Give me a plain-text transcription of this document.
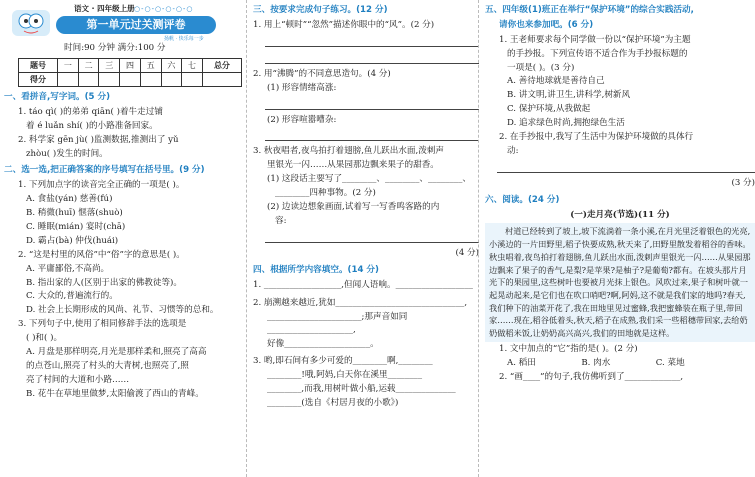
语文 · 四年级上册 ○-○-○-○-○-○
第一单元过关测评卷
扬帆 · 快乐每一步
时间:90 分钟 满分:100 分
题号	一	二	三	四	五	六	七	总分
得分								
一、看拼音,写字词。(5 分)
1. táo qì( )的弟弟 qiān( )着牛走过铺
着 é luǎn shí( )的小路准备回家。
2. 科学家 gēn jù( )监测数据,推测出了 yǔ
zhòu( )发生的时间。
二、选一选,把正确答案的序号填写在括号里。(9 分)
1. 下列加点字的读音完全正确的一项是( )。
A. 食盐(yán) 慈善(fú)
B. 稍微(huī) 惬落(shuò)
C. 睡眠(mián) 宴时(chā)
D. 霸占(bà) 仲伐(huái)
2. “这是村里的风俗”中“俗”字的意思是( )。
A. 平庸鄙俗,不高尚。
B. 指出家的人(区别于出家的佛教徒等)。
C. 大众的,普遍流行的。
D. 社会上长期形成的风尚、礼节、习惯等的总和。
3. 下列句子中,使用了相同修辞手法的选项是
( )和( )。
A. 月盘是那样明亮,月光是那样柔和,照亮了高高
的点苍山,照亮了村头的大青树,也照亮了,照
亮了村间的大道和小路……
B. 花牛在草地里做梦,太阳偷渡了西山的青峰。
三、按要求完成句子练习。(12 分)
1. 用上“顿时”“忽然”描述你眼中的“风”。(2 分)
2. 用“沸腾”的不同意思造句。(4 分)
(1) 形容情绪高涨:
(2) 形容喧嚣嘈杂:
3. 秋夜唱者,夜鸟拍打着翅膀,鱼儿跃出水面,泼刺声
里银光一闪……从果园那边飘来果子的甜香。
(1) 这段话主要写了________、________、________、
________四种事物。(2 分)
(2) 边读边想象画面,试着写一写香鸣客路的内
容:
(4 分)
四、根据所学内容填空。(14 分)
1. __________________,但闻人语响。__________________
2. 崩溯越来越近,犹如______________________________,
______________________;那声音如同____________________,
好像____________________。
3. 哟,即石间有多少可爱的________啊,________
________!哦,阿妈,白天你在溪里________
________,而我,用树叶做小船,运载______________
________(选自《村居月夜的小歌》)
五、四年级(1)班正在举行“保护环境”的综合实践活动,
请你也来参加吧。(6 分)
1. 王老师要求每个同学做一份以“保护环境”为主题
的手抄报。下列宣传语不适合作为手抄报标题的
一项是( )。(3 分)
A. 善待地球就是善待自己
B. 讲文明,讲卫生,讲科学,树新风
C. 保护环境,从我做起
D. 追求绿色时尚,拥抱绿色生活
2. 在手抄报中,我写了生活中为保护环境做的具体行
动:
(3 分)
六、阅读。(24 分)
(一)走月亮(节选)(11 分)
村道已经转到了坡上,坡下流淌着一条小溪,在月光里泛着银色的光亮,小溪边的一片田野里,稻子快要成熟,秋天来了,田野里散发着稻谷的香味。秋虫唱着,夜鸟拍打着翅膀,鱼儿跃出水面,泼刺声里银光一闪……从果园那边飘来了果子的香气,是梨?是苹果?是柚子?是葡萄?都有。在坡头那片月光下的果园里,这些树叶也要被月光抹上银色。风吹过来,果子和树叶就一起晃动起来,是它们也在吹口哨吧?啊,阿妈,这不就是我们家的地吗?春天,我们种下的油菜开花了,我在田地里见过蜜蜂,我把蜜蜂装在瓶子里,带回家……现在,稻谷低着头,秋天,稻子在成熟,我们采一些稻穗带回家,去给奶奶做稻米饭,让奶奶高兴高兴,我们的田地就是这样。
1. 文中加点的“它”指的是( )。(2 分)
A. 稻田	B. 肉水	C. 菜地
2. “画____”的句子,我仿佛听到了_____________,
